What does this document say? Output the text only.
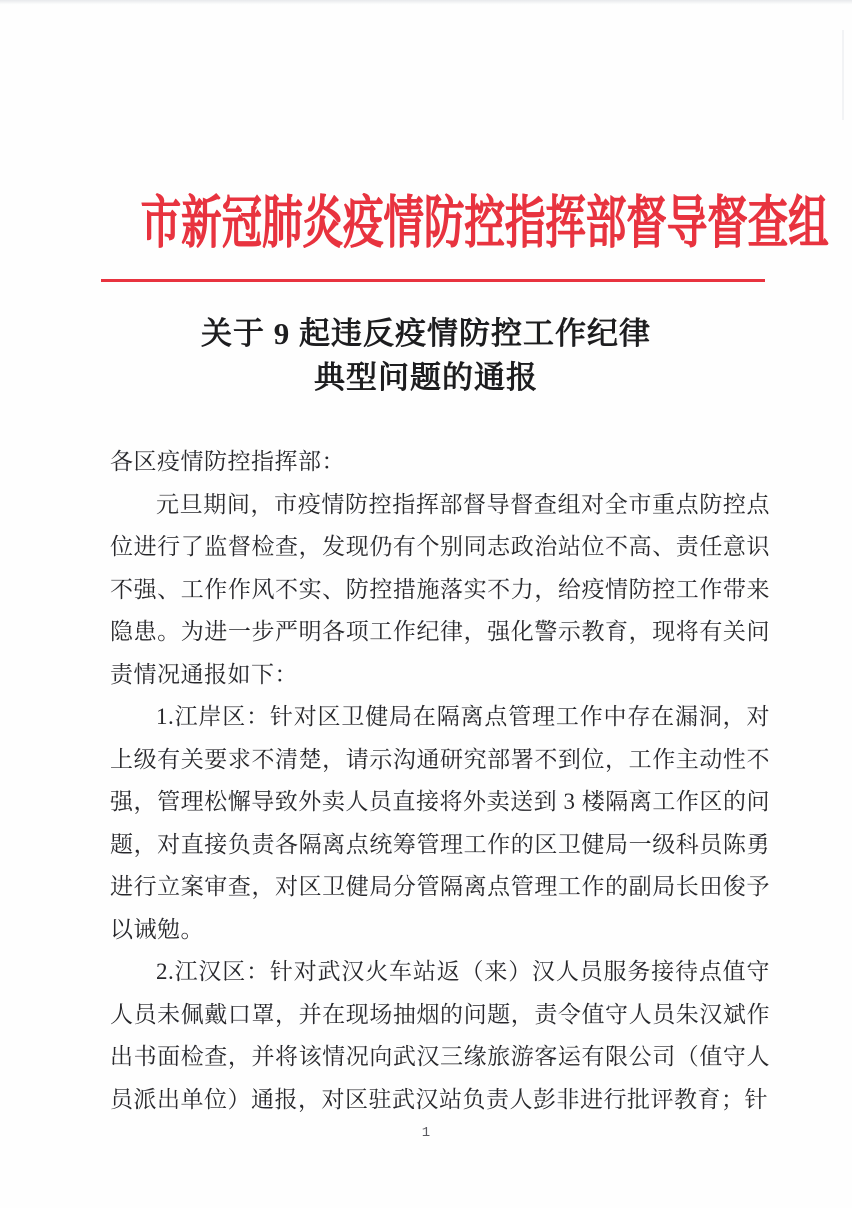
市新冠肺炎疫情防控指挥部督导督查组
关于 9 起违反疫情防控工作纪律
典型问题的通报

各区疫情防控指挥部：

元旦期间，市疫情防控指挥部督导督查组对全市重点防控点位进行了监督检查，发现仍有个别同志政治站位不高、责任意识不强、工作作风不实、防控措施落实不力，给疫情防控工作带来隐患。为进一步严明各项工作纪律，强化警示教育，现将有关问责情况通报如下：

1.江岸区：针对区卫健局在隔离点管理工作中存在漏洞，对上级有关要求不清楚，请示沟通研究部署不到位，工作主动性不强，管理松懈导致外卖人员直接将外卖送到 3 楼隔离工作区的问题，对直接负责各隔离点统筹管理工作的区卫健局一级科员陈勇进行立案审查，对区卫健局分管隔离点管理工作的副局长田俊予以诫勉。

2.江汉区：针对武汉火车站返（来）汉人员服务接待点值守人员未佩戴口罩，并在现场抽烟的问题，责令值守人员朱汉斌作出书面检查，并将该情况向武汉三缘旅游客运有限公司（值守人员派出单位）通报，对区驻武汉站负责人彭非进行批评教育；针

1
